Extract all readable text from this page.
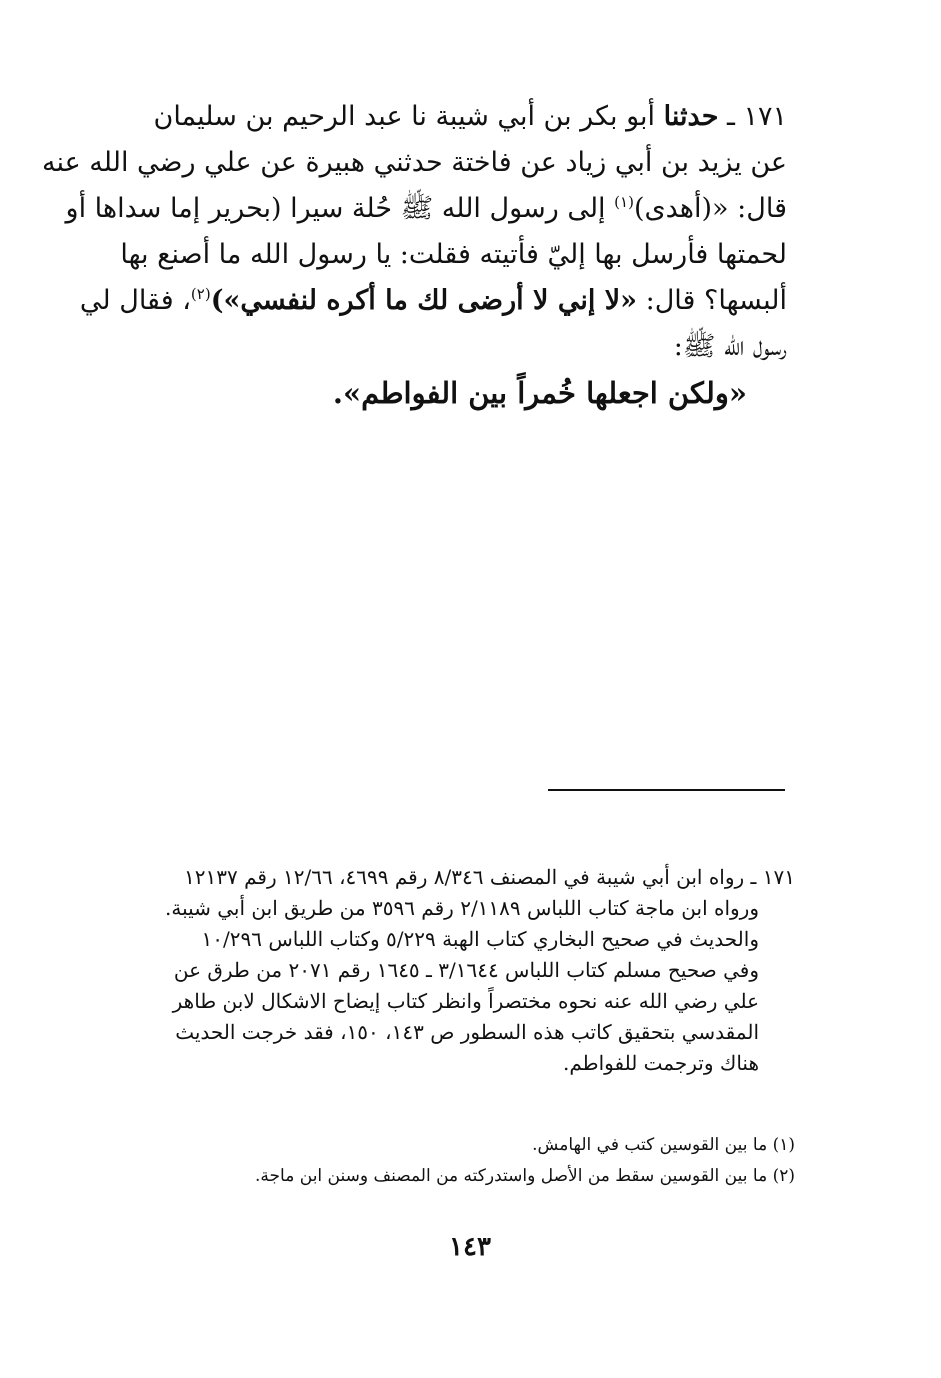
١٧١ ـ حدثنا أبو بكر بن أبي شيبة نا عبد الرحيم بن سليمان
عن يزيد بن أبي زياد عن فاختة حدثني هبيرة عن علي رضي الله عنه
قال: «(أهدى)$^{(١)}$ إلى رسول الله ﷺ حُلة سيرا (بحرير إما سداها أو
لحمتها فأرسل بها إليّ فأتيته فقلت: يا رسول الله ما أصنع بها
ألبسها؟ قال: «لا إني لا أرضى لك ما أكره لنفسي»)$^{(٢)}$، فقال لي
رسول الله ﷺ:
«ولكن اجعلها خُمراً بين الفواطم».
١٧١ ـ رواه ابن أبي شيبة في المصنف ٨/٣٤٦ رقم ٤٦٩٩، ١٢/٦٦ رقم ١٢١٣٧
ورواه ابن ماجة كتاب اللباس ٢/١١٨٩ رقم ٣٥٩٦ من طريق ابن أبي شيبة.
والحديث في صحيح البخاري كتاب الهبة ٥/٢٢٩ وكتاب اللباس ١٠/٢٩٦
وفي صحيح مسلم كتاب اللباس ٣/١٦٤٤ ـ ١٦٤٥ رقم ٢٠٧١ من طرق عن
علي رضي الله عنه نحوه مختصراً وانظر كتاب إيضاح الاشكال لابن طاهر
المقدسي بتحقيق كاتب هذه السطور ص ١٤٣، ١٥٠، فقد خرجت الحديث
هناك وترجمت للفواطم.
(١) ما بين القوسين كتب في الهامش.
(٢) ما بين القوسين سقط من الأصل واستدركته من المصنف وسنن ابن ماجة.
١٤٣
